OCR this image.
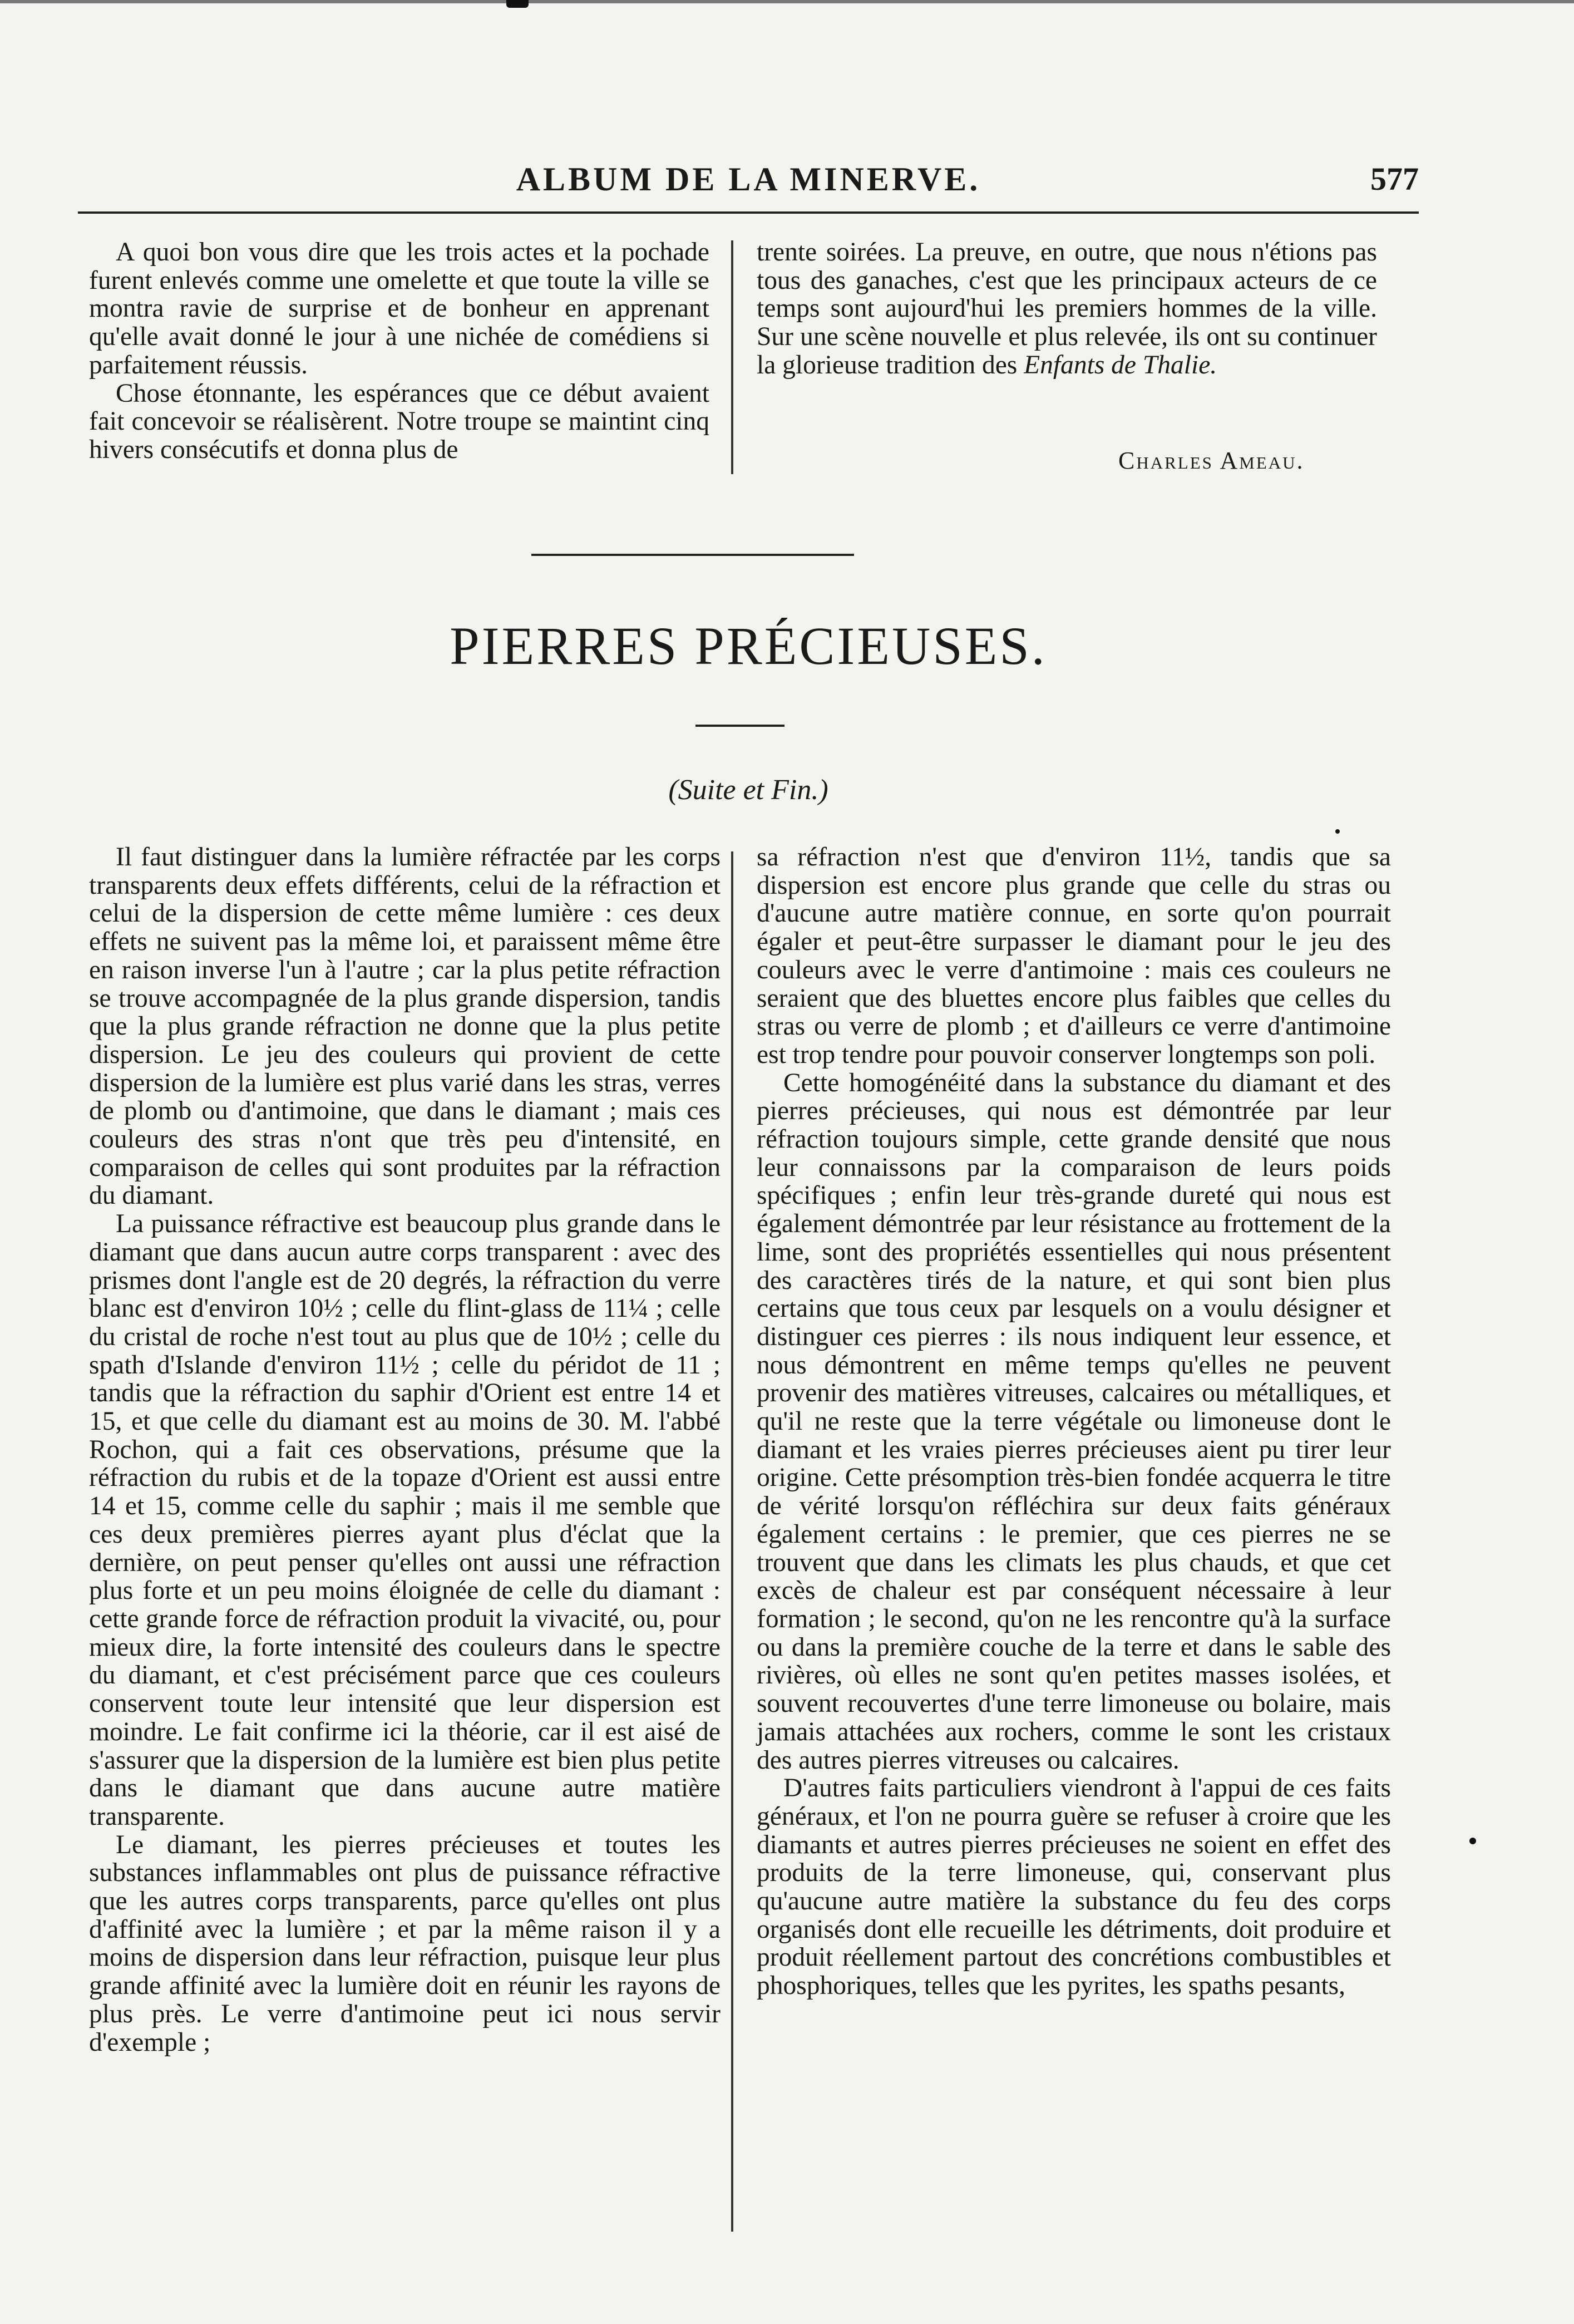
ALBUM DE LA MINERVE.	577

A quoi bon vous dire que les trois actes et la pochade furent enlevés comme une omelette et que toute la ville se montra ravie de surprise et de bonheur en apprenant qu'elle avait donné le jour à une nichée de comédiens si parfaitement réussis.

Chose étonnante, les espérances que ce début avaient fait concevoir se réalisèrent. Notre troupe se maintint cinq hivers consécutifs et donna plus de

trente soirées. La preuve, en outre, que nous n'étions pas tous des ganaches, c'est que les principaux acteurs de ce temps sont aujourd'hui les premiers hommes de la ville. Sur une scène nouvelle et plus relevée, ils ont su continuer la glorieuse tradition des Enfants de Thalie.

Charles Ameau.
PIERRES PRÉCIEUSES.
(Suite et Fin.)

Il faut distinguer dans la lumière réfractée par les corps transparents deux effets différents, celui de la réfraction et celui de la dispersion de cette même lumière : ces deux effets ne suivent pas la même loi, et paraissent même être en raison inverse l'un à l'autre ; car la plus petite réfraction se trouve accompagnée de la plus grande dispersion, tandis que la plus grande réfraction ne donne que la plus petite dispersion. Le jeu des couleurs qui provient de cette dispersion de la lumière est plus varié dans les stras, verres de plomb ou d'antimoine, que dans le diamant ; mais ces couleurs des stras n'ont que très peu d'intensité, en comparaison de celles qui sont produites par la réfraction du diamant.

La puissance réfractive est beaucoup plus grande dans le diamant que dans aucun autre corps transparent : avec des prismes dont l'angle est de 20 degrés, la réfraction du verre blanc est d'environ 10½ ; celle du flint-glass de 11¼ ; celle du cristal de roche n'est tout au plus que de 10½ ; celle du spath d'Islande d'environ 11½ ; celle du péridot de 11 ; tandis que la réfraction du saphir d'Orient est entre 14 et 15, et que celle du diamant est au moins de 30. M. l'abbé Rochon, qui a fait ces observations, présume que la réfraction du rubis et de la topaze d'Orient est aussi entre 14 et 15, comme celle du saphir ; mais il me semble que ces deux premières pierres ayant plus d'éclat que la dernière, on peut penser qu'elles ont aussi une réfraction plus forte et un peu moins éloignée de celle du diamant : cette grande force de réfraction produit la vivacité, ou, pour mieux dire, la forte intensité des couleurs dans le spectre du diamant, et c'est précisément parce que ces couleurs conservent toute leur intensité que leur dispersion est moindre. Le fait confirme ici la théorie, car il est aisé de s'assurer que la dispersion de la lumière est bien plus petite dans le diamant que dans aucune autre matière transparente.

Le diamant, les pierres précieuses et toutes les substances inflammables ont plus de puissance réfractive que les autres corps transparents, parce qu'elles ont plus d'affinité avec la lumière ; et par la même raison il y a moins de dispersion dans leur réfraction, puisque leur plus grande affinité avec la lumière doit en réunir les rayons de plus près. Le verre d'antimoine peut ici nous servir d'exemple ;

sa réfraction n'est que d'environ 11½, tandis que sa dispersion est encore plus grande que celle du stras ou d'aucune autre matière connue, en sorte qu'on pourrait égaler et peut-être surpasser le diamant pour le jeu des couleurs avec le verre d'antimoine : mais ces couleurs ne seraient que des bluettes encore plus faibles que celles du stras ou verre de plomb ; et d'ailleurs ce verre d'antimoine est trop tendre pour pouvoir conserver longtemps son poli.

Cette homogénéité dans la substance du diamant et des pierres précieuses, qui nous est démontrée par leur réfraction toujours simple, cette grande densité que nous leur connaissons par la comparaison de leurs poids spécifiques ; enfin leur très-grande dureté qui nous est également démontrée par leur résistance au frottement de la lime, sont des propriétés essentielles qui nous présentent des caractères tirés de la nature, et qui sont bien plus certains que tous ceux par lesquels on a voulu désigner et distinguer ces pierres : ils nous indiquent leur essence, et nous démontrent en même temps qu'elles ne peuvent provenir des matières vitreuses, calcaires ou métalliques, et qu'il ne reste que la terre végétale ou limoneuse dont le diamant et les vraies pierres précieuses aient pu tirer leur origine. Cette présomption très-bien fondée acquerra le titre de vérité lorsqu'on réfléchira sur deux faits généraux également certains : le premier, que ces pierres ne se trouvent que dans les climats les plus chauds, et que cet excès de chaleur est par conséquent nécessaire à leur formation ; le second, qu'on ne les rencontre qu'à la surface ou dans la première couche de la terre et dans le sable des rivières, où elles ne sont qu'en petites masses isolées, et souvent recouvertes d'une terre limoneuse ou bolaire, mais jamais attachées aux rochers, comme le sont les cristaux des autres pierres vitreuses ou calcaires.

D'autres faits particuliers viendront à l'appui de ces faits généraux, et l'on ne pourra guère se refuser à croire que les diamants et autres pierres précieuses ne soient en effet des produits de la terre limoneuse, qui, conservant plus qu'aucune autre matière la substance du feu des corps organisés dont elle recueille les détriments, doit produire et produit réellement partout des concrétions combustibles et phosphoriques, telles que les pyrites, les spaths pesants,
